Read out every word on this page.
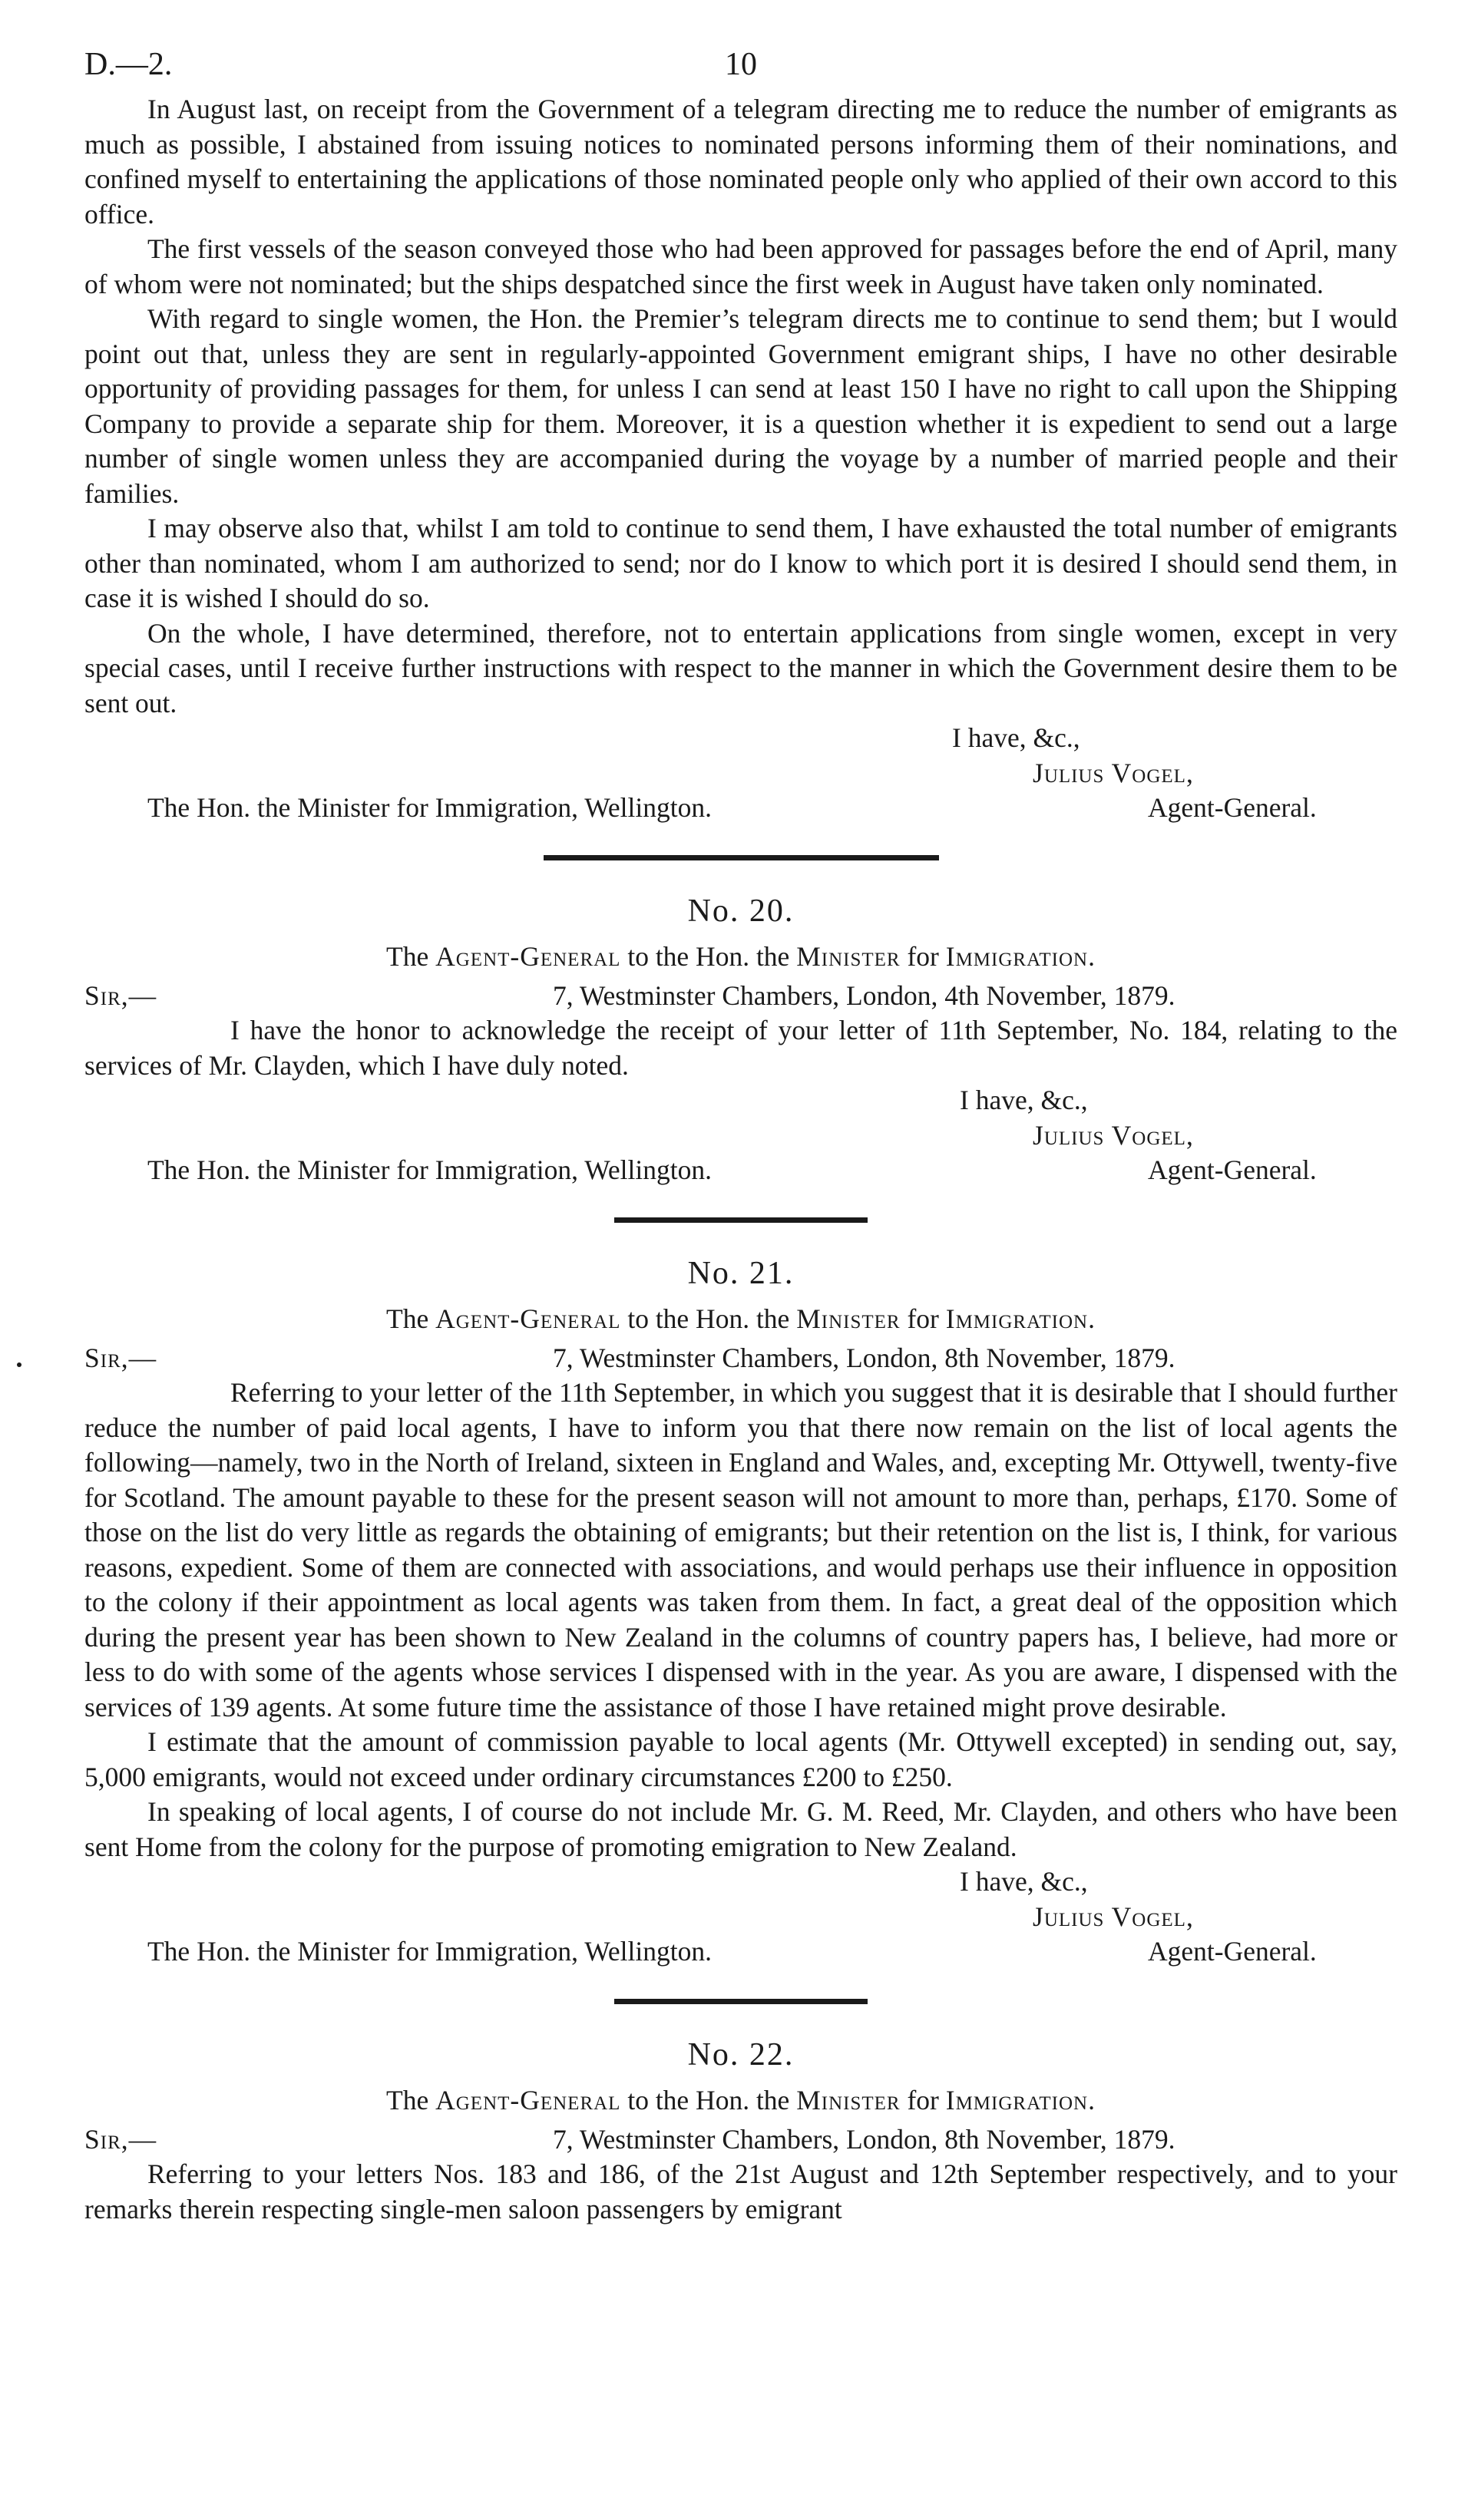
D.—2.	10

In August last, on receipt from the Government of a telegram directing me to reduce the number of emigrants as much as possible, I abstained from issuing notices to nominated persons informing them of their nominations, and confined myself to entertaining the applications of those nominated people only who applied of their own accord to this office.

The first vessels of the season conveyed those who had been approved for passages before the end of April, many of whom were not nominated; but the ships despatched since the first week in August have taken only nominated.

With regard to single women, the Hon. the Premier’s telegram directs me to continue to send them; but I would point out that, unless they are sent in regularly-appointed Government emigrant ships, I have no other desirable opportunity of providing passages for them, for unless I can send at least 150 I have no right to call upon the Shipping Company to provide a separate ship for them. Moreover, it is a question whether it is expedient to send out a large number of single women unless they are accompanied during the voyage by a number of married people and their families.

I may observe also that, whilst I am told to continue to send them, I have exhausted the total number of emigrants other than nominated, whom I am authorized to send; nor do I know to which port it is desired I should send them, in case it is wished I should do so.

On the whole, I have determined, therefore, not to entertain applications from single women, except in very special cases, until I receive further instructions with respect to the manner in which the Government desire them to be sent out.

I have, &c.,
Julius Vogel,
The Hon. the Minister for Immigration, Wellington.	Agent-General.
No. 20.
The Agent-General to the Hon. the Minister for Immigration.
Sir,—	7, Westminster Chambers, London, 4th November, 1879.

I have the honor to acknowledge the receipt of your letter of 11th September, No. 184, relating to the services of Mr. Clayden, which I have duly noted.

I have, &c.,
Julius Vogel,
The Hon. the Minister for Immigration, Wellington.	Agent-General.
No. 21.
The Agent-General to the Hon. the Minister for Immigration.
Sir,—	7, Westminster Chambers, London, 8th November, 1879.

Referring to your letter of the 11th September, in which you suggest that it is desirable that I should further reduce the number of paid local agents, I have to inform you that there now remain on the list of local agents the following—namely, two in the North of Ireland, sixteen in England and Wales, and, excepting Mr. Ottywell, twenty-five for Scotland. The amount payable to these for the present season will not amount to more than, perhaps, £170. Some of those on the list do very little as regards the obtaining of emigrants; but their retention on the list is, I think, for various reasons, expedient. Some of them are connected with associations, and would perhaps use their influence in opposition to the colony if their appointment as local agents was taken from them. In fact, a great deal of the opposition which during the present year has been shown to New Zealand in the columns of country papers has, I believe, had more or less to do with some of the agents whose services I dispensed with in the year. As you are aware, I dispensed with the services of 139 agents. At some future time the assistance of those I have retained might prove desirable.

I estimate that the amount of commission payable to local agents (Mr. Ottywell excepted) in sending out, say, 5,000 emigrants, would not exceed under ordinary circumstances £200 to £250.

In speaking of local agents, I of course do not include Mr. G. M. Reed, Mr. Clayden, and others who have been sent Home from the colony for the purpose of promoting emigration to New Zealand.

I have, &c.,
Julius Vogel,
The Hon. the Minister for Immigration, Wellington.	Agent-General.
No. 22.
The Agent-General to the Hon. the Minister for Immigration.
Sir,—	7, Westminster Chambers, London, 8th November, 1879.

Referring to your letters Nos. 183 and 186, of the 21st August and 12th September respectively, and to your remarks therein respecting single-men saloon passengers by emigrant
